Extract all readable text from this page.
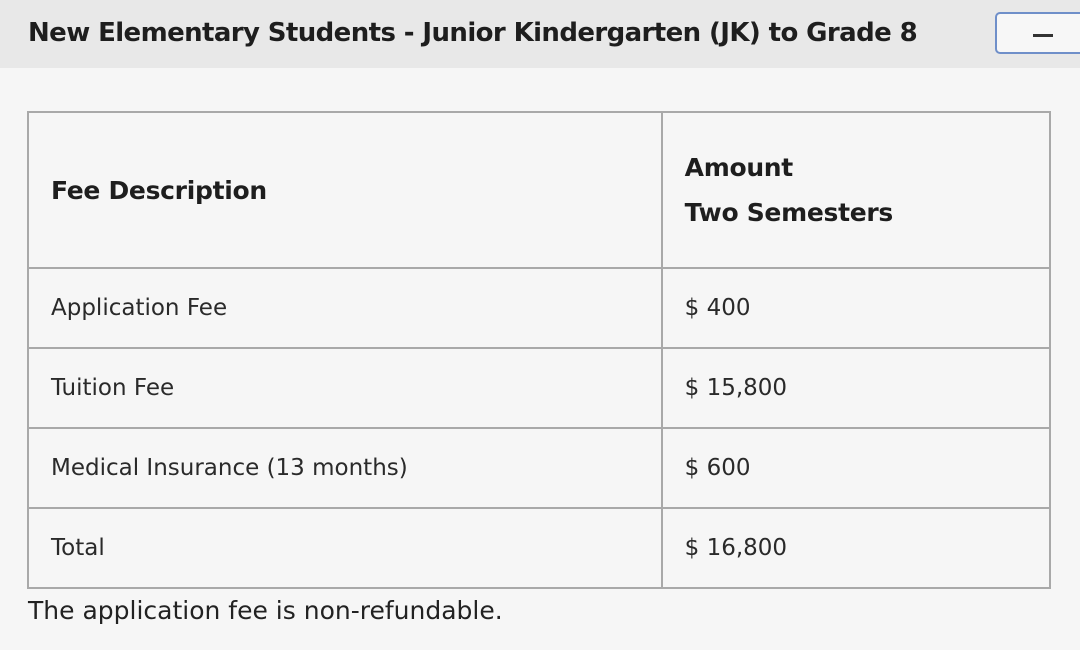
New Elementary Students - Junior Kindergarten (JK) to Grade 8
Fee Description	Amount
Two Semesters

Application Fee	$ 400
Tuition Fee	$ 15,800
Medical Insurance (13 months)	$ 600
Total	$ 16,800
The application fee is non-refundable.
